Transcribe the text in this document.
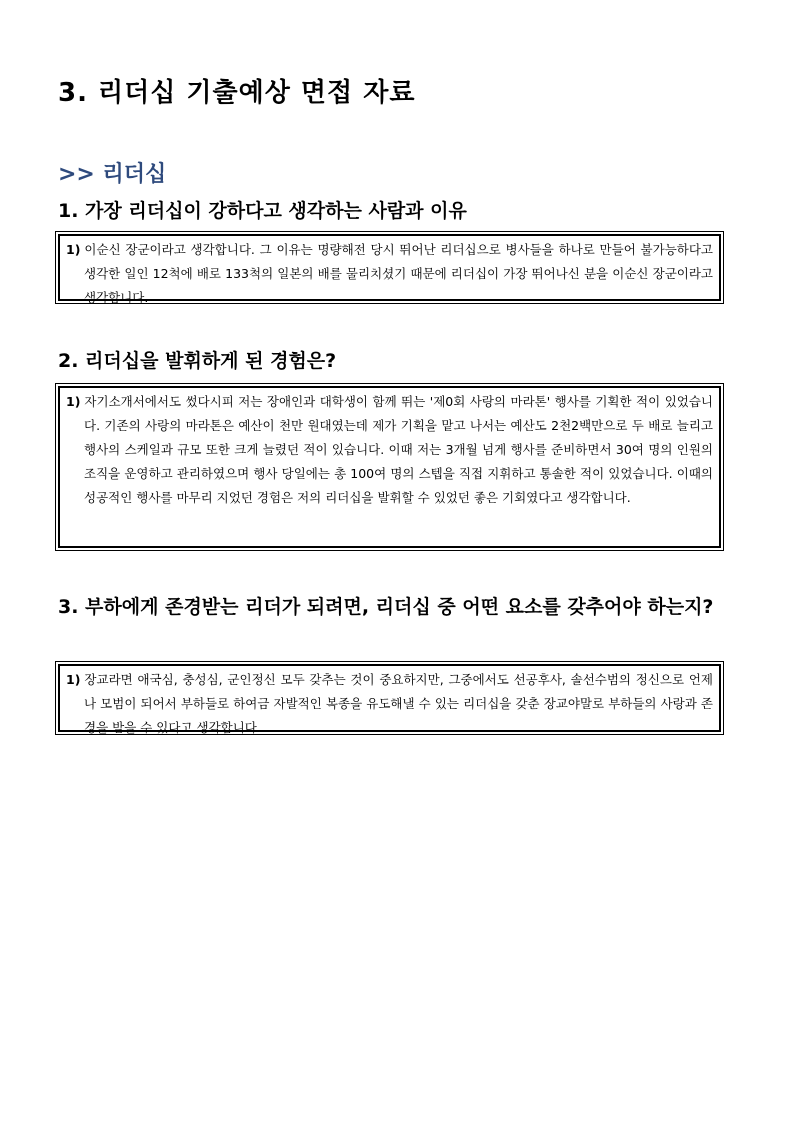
3. 리더십 기출예상 면접 자료
>> 리더십
1. 가장 리더십이 강하다고 생각하는 사람과 이유
1) 이순신 장군이라고 생각합니다. 그 이유는 명량해전 당시 뛰어난 리더십으로 병사들을 하나로 만들어 불가능하다고 생각한 일인 12척에 배로 133척의 일본의 배를 물리치셨기 때문에 리더십이 가장 뛰어나신 분을 이순신 장군이라고 생각합니다.
2. 리더십을 발휘하게 된 경험은?
1) 자기소개서에서도 썼다시피 저는 장애인과 대학생이 함께 뛰는 '제0회 사랑의 마라톤' 행사를 기획한 적이 있었습니다. 기존의 사랑의 마라톤은 예산이 천만 원대였는데 제가 기획을 맡고 나서는 예산도 2천2백만으로 두 배로 늘리고 행사의 스케일과 규모 또한 크게 늘렸던 적이 있습니다. 이때 저는 3개월 넘게 행사를 준비하면서 30여 명의 인원의 조직을 운영하고 관리하였으며 행사 당일에는 총 100여 명의 스텝을 직접 지휘하고 통솔한 적이 있었습니다. 이때의 성공적인 행사를 마무리 지었던 경험은 저의 리더십을 발휘할 수 있었던 좋은 기회였다고 생각합니다.
3. 부하에게 존경받는 리더가 되려면, 리더십 중 어떤 요소를 갖추어야 하는지?
1) 장교라면 애국심, 충성심, 군인정신 모두 갖추는 것이 중요하지만, 그중에서도 선공후사, 솔선수범의 정신으로 언제나 모범이 되어서 부하들로 하여금 자발적인 복종을 유도해낼 수 있는 리더십을 갖춘 장교야말로 부하들의 사랑과 존경을 받을 수 있다고 생각합니다.
